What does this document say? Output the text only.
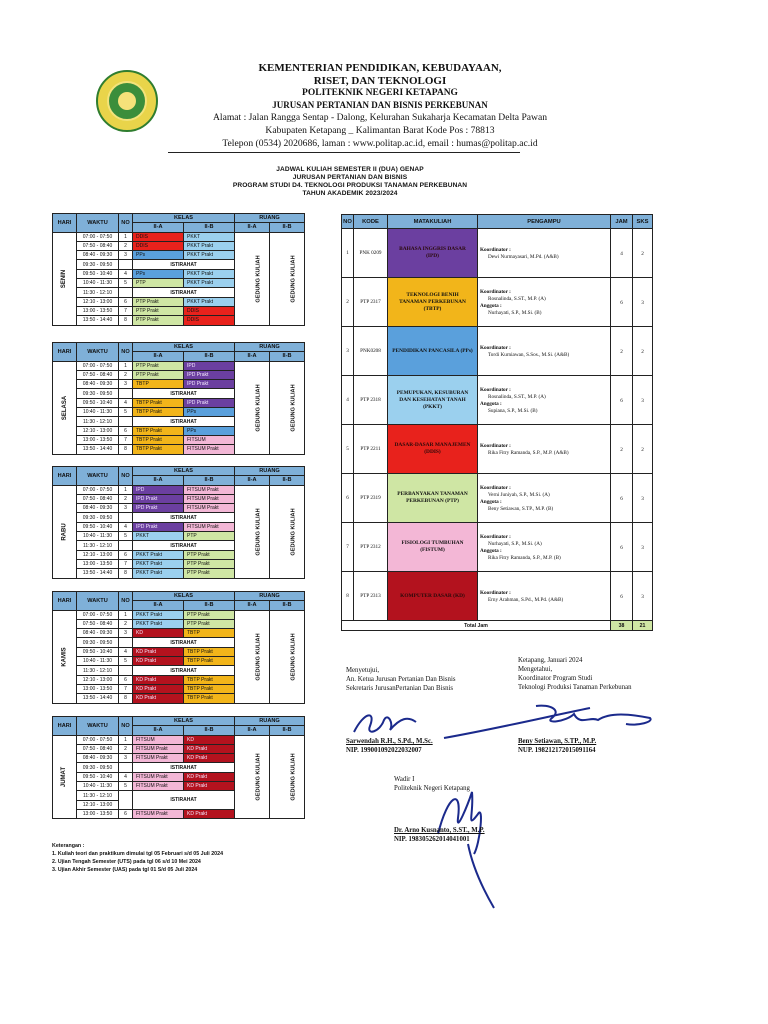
KEMENTERIAN PENDIDIKAN, KEBUDAYAAN,
RISET, DAN TEKNOLOGI
POLITEKNIK NEGERI KETAPANG
JURUSAN PERTANIAN DAN BISNIS PERKEBUNAN
Alamat : Jalan Rangga Sentap - Dalong, Kelurahan Sukaharja Kecamatan Delta Pawan
Kabupaten Ketapang _ Kalimantan Barat Kode Pos : 78813
Telepon (0534) 2020686, laman : www.politap.ac.id, email : humas@politap.ac.id
JADWAL KULIAH SEMESTER II (DUA) GENAP
JURUSAN PERTANIAN DAN BISNIS
PROGRAM STUDI D4. TEKNOLOGI PRODUKSI TANAMAN PERKEBUNAN
TAHUN AKADEMIK 2023/2024
HARI	WAKTU	NO	KELAS		RUANG	
			II-A	II-B	II-A	II-B
SENIN	07:00 - 07:50	1	DDIS	PKKT	GEDUNG KULIAH	GEDUNG KULIAH
	07:50 - 08:40	2	DDIS	PKKT Prakt		
	08:40 - 09:30	3	PPs	PKKT Prakt		
	09:30 - 09:50		ISTIRAHAT			
	09:50 - 10:40	4	PPs	PKKT Prakt		
	10:40 - 11:30	5	PTP	PKKT Prakt		
	11:30 - 12:10		ISTIRAHAT			
	12:10 - 13:00	6	PTP Prakt	PKKT Prakt		
	13:00 - 13:50	7	PTP Prakt	DDIS		
	13:50 - 14:40	8	PTP Prakt	DDIS		
HARI	WAKTU	NO	KELAS		RUANG	
			II-A	II-B	II-A	II-B
SELASA	07:00 - 07:50	1	PTP Prakt	IPD	GEDUNG KULIAH	GEDUNG KULIAH
	07:50 - 08:40	2	PTP Prakt	IPD Prakt		
	08:40 - 09:30	3	TBTP	IPD Prakt		
	09:30 - 09:50		ISTIRAHAT			
	09:50 - 10:40	4	TBTP Prakt	IPD Prakt		
	10:40 - 11:30	5	TBTP Prakt	PPs		
	11:30 - 12:10		ISTIRAHAT			
	12:10 - 13:00	6	TBTP Prakt	PPs		
	13:00 - 13:50	7	TBTP Prakt	FITSUM		
	13:50 - 14:40	8	TBTP Prakt	FITSUM Prakt		
HARI	WAKTU	NO	KELAS		RUANG	
			II-A	II-B	II-A	II-B
RABU	07:00 - 07:50	1	IPD	FITSUM Prakt	GEDUNG KULIAH	GEDUNG KULIAH
	07:50 - 08:40	2	IPD Prakt	FITSUM Prakt		
	08:40 - 09:30	3	IPD Prakt	FITSUM Prakt		
	09:30 - 09:50		ISTIRAHAT			
	09:50 - 10:40	4	IPD Prakt	FITSUM Prakt		
	10:40 - 11:30	5	PKKT	PTP		
	11:30 - 12:10		ISTIRAHAT			
	12:10 - 13:00	6	PKKT Prakt	PTP Prakt		
	13:00 - 13:50	7	PKKT Prakt	PTP Prakt		
	13:50 - 14:40	8	PKKT Prakt	PTP Prakt		
HARI	WAKTU	NO	KELAS		RUANG	
			II-A	II-B	II-A	II-B
KAMIS	07:00 - 07:50	1	PKKT Prakt	PTP Prakt	GEDUNG KULIAH	GEDUNG KULIAH
	07:50 - 08:40	2	PKKT Prakt	PTP Prakt		
	08:40 - 09:30	3	KD	TBTP		
	09:30 - 09:50		ISTIRAHAT			
	09:50 - 10:40	4	KD Prakt	TBTP Prakt		
	10:40 - 11:30	5	KD Prakt	TBTP Prakt		
	11:30 - 12:10		ISTIRAHAT			
	12:10 - 13:00	6	KD Prakt	TBTP Prakt		
	13:00 - 13:50	7	KD Prakt	TBTP Prakt		
	13:50 - 14:40	8	KD Prakt	TBTP Prakt		
HARI	WAKTU	NO	KELAS		RUANG	
			II-A	II-B	II-A	II-B
JUMAT	07:00 - 07:50	1	FITSUM	KD	GEDUNG KULIAH	GEDUNG KULIAH
	07:50 - 08:40	2	FITSUM Prakt	KD Prakt		
	08:40 - 09:30	3	FITSUM Prakt	KD Prakt		
	09:30 - 09:50		ISTIRAHAT			
	09:50 - 10:40	4	FITSUM Prakt	KD Prakt		
	10:40 - 11:30	5	FITSUM Prakt	KD Prakt		
	11:30 - 12:10		ISTIRAHAT			
	12:10 - 13:00					
	13:00 - 13:50	6	FITSUM Prakt	KD Prakt		
NO	KODE	MATAKULIAH	PENGAMPU	JAM	SKS
1	PNK 0209	BAHASA INGGRIS DASAR (IPD)	Koordinator :
Dewi Nurmayasari, M.Pd. (A&B)	4	2
2	PTP 2317	TEKNOLOGI BENIH TANAMAN PERKEBUNAN (TBTP)	Koordinator :
Rosnalinda, S.ST., M.P. (A)
Anggota :
Nurhayati, S.P., M.Si. (B)	6	3
3	PNK0208	PENDIDIKAN PANCASILA (PPs)	Koordinator :
Tordi Kurniawan, S.Sos., M.Si. (A&B)	2	2
4	PTP 2318	PEMUPUKAN, KESUBURAN DAN KESEHATAN TANAH (PKKT)	Koordinator :
Rosnalinda, S.ST., M.P. (A)
Anggota :
Supiana, S.P., M.Si. (B)	6	3
5	PTP 2211	DASAR-DASAR MANAJEMEN (DDIS)	Koordinator :
Rika Fitry Ramanda, S.P., M.P. (A&B)	2	2
6	PTP 2319	PERBANYAKAN TANAMAN PERKEBUNAN (PTP)	Koordinator :
Verni Juniyah, S.P., M.Si. (A)
Anggota :
Beny Setiawan, S.TP., M.P. (B)	6	3
7	PTP 2312	FISIOLOGI TUMBUHAN (FISTUM)	Koordinator :
Nurhayati, S.P., M.Si. (A)
Anggota :
Rika Fitry Ramanda, S.P., M.P. (B)	6	3
8	PTP 2313	KOMPUTER DASAR (KD)	Koordinator :
Erny Arahman, S.Pd., M.Pd. (A&B)	6	3
Total Jam				38	21
Keterangan :
1. Kuliah teori dan praktikum dimulai tgl 05 Februari s/d 05 Juli 2024
2. Ujian Tengah Semester (UTS) pada tgl 06 s/d 10 Mei 2024
3. Ujian Akhir Semester (UAS) pada tgl 01 S/d 05 Juli 2024
Menyetujui,
An. Ketua Jurusan Pertanian Dan Bisnis
Sekretaris JurusanPertanian Dan Bisnis
Sarwendah R.H., S.Pd., M.Sc.
NIP. 199001092022032007
Ketapang, Januari 2024
Mengetahui,
Koordinator Program Studi
Teknologi Produksi Tanaman Perkebunan
Beny Setiawan, S.TP., M.P.
NUP. 198212172015091164
Wadir I
Politeknik Negeri Ketapang
Dr. Arno Kusnanto, S.ST., M.P.
NIP. 198305262014041001
